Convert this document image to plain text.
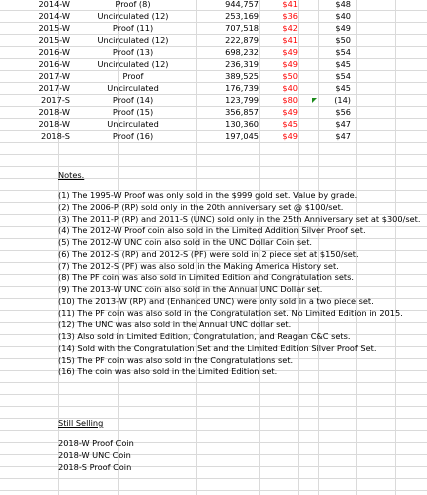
2014-W	Proof (8)	944,757	$41	$48
2014-W	Uncirculated (12)	253,169	$36	$40
2015-W	Proof (11)	707,518	$42	$49
2015-W	Uncirculated (12)	222,879	$41	$50
2016-W	Proof (13)	698,232	$49	$54
2016-W	Uncirculated (12)	236,319	$49	$45
2017-W	Proof	389,525	$50	$54
2017-W	Uncirculated	176,739	$40	$45
2017-S	Proof (14)	123,799	$80	(14)
2018-W	Proof (15)	356,857	$49	$56
2018-W	Uncirculated	130,360	$45	$47
2018-S	Proof (16)	197,045	$49	$47
Notes.
(1) The 1995-W Proof was only sold in the $999 gold set. Value by grade.
(2) The 2006-P (RP) sold only in the 20th anniversary set @ $100/set.
(3) The 2011-P (RP) and 2011-S (UNC) sold only in the 25th Anniversary set at $300/set.
(4) The 2012-W Proof coin also sold in the Limited Addition Silver Proof set.
(5) The 2012-W UNC coin also sold in the UNC Dollar Coin set.
(6) The 2012-S (RP) and 2012-S (PF) were sold in 2 piece set at $150/set.
(7) The 2012-S (PF) was also sold in the Making America History set.
(8) The PF coin was also sold in Limited Edition and Congratulation sets.
(9) The 2013-W UNC coin also sold in the Annual UNC Dollar set.
(10) The 2013-W (RP) and (Enhanced UNC) were only sold in a two piece set.
(11) The PF coin was also sold in the Congratulation set. No Limited Edition in 2015.
(12) The UNC was also sold in the Annual UNC dollar set.
(13) Also sold in Limited Edition, Congratulation, and Reagan C&C sets.
(14) Sold with the Congratulation Set and the Limited Edition Silver Proof Set.
(15) The PF coin was also sold in the Congratulations set.
(16) The coin was also sold in the Limited Edition set.
Still Selling
2018-W Proof Coin
2018-W UNC Coin
2018-S Proof Coin
